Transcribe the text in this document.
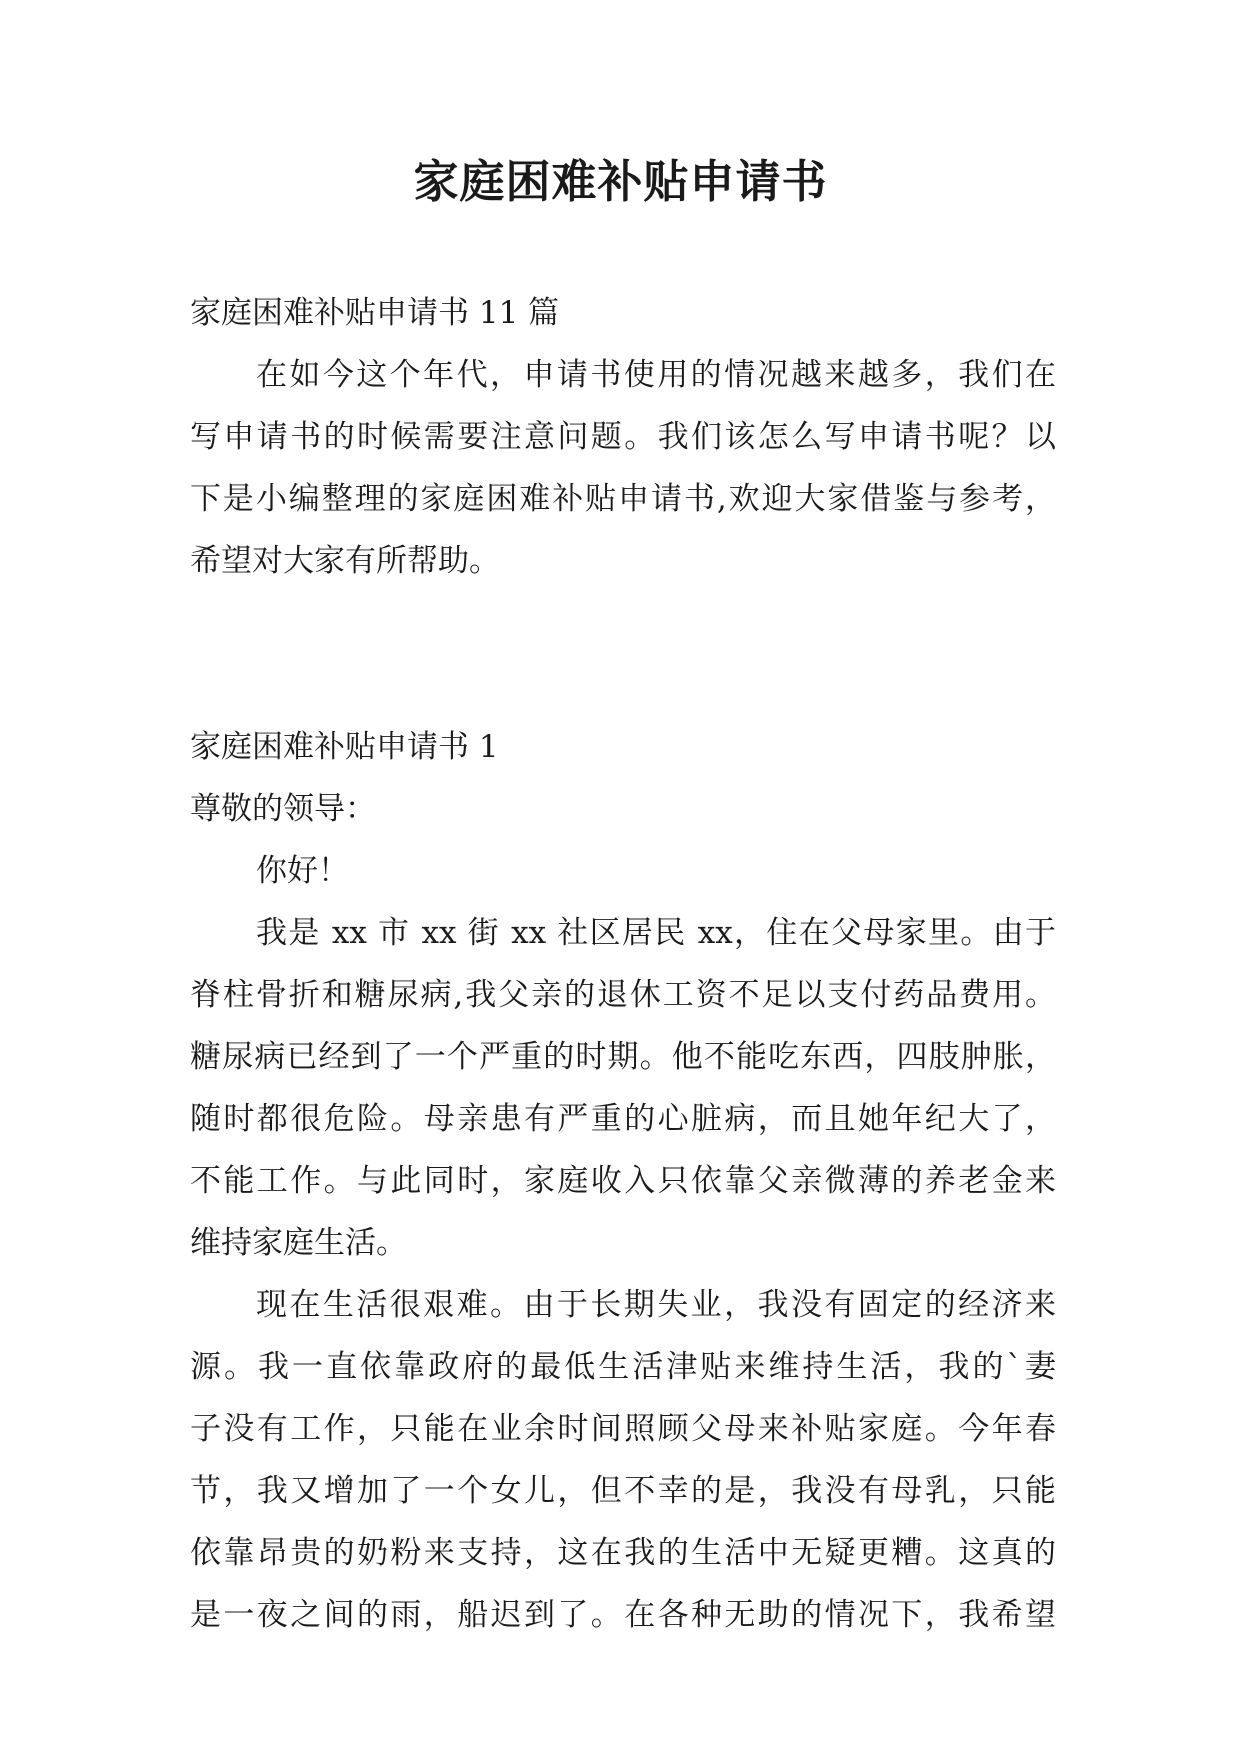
家庭困难补贴申请书

家庭困难补贴申请书 11 篇

在如今这个年代，申请书使用的情况越来越多，我们在

写申请书的时候需要注意问题。我们该怎么写申请书呢？以

下是小编整理的家庭困难补贴申请书,欢迎大家借鉴与参考，

希望对大家有所帮助。

家庭困难补贴申请书 1

尊敬的领导：

你好！

我是 xx 市 xx 街 xx 社区居民 xx，住在父母家里。由于

脊柱骨折和糖尿病,我父亲的退休工资不足以支付药品费用。

糖尿病已经到了一个严重的时期。他不能吃东西，四肢肿胀，

随时都很危险。母亲患有严重的心脏病，而且她年纪大了，

不能工作。与此同时，家庭收入只依靠父亲微薄的养老金来

维持家庭生活。

现在生活很艰难。由于长期失业，我没有固定的经济来

源。我一直依靠政府的最低生活津贴来维持生活，我的`妻

子没有工作，只能在业余时间照顾父母来补贴家庭。今年春

节，我又增加了一个女儿，但不幸的是，我没有母乳，只能

依靠昂贵的奶粉来支持，这在我的生活中无疑更糟。这真的

是一夜之间的雨，船迟到了。在各种无助的情况下，我希望
